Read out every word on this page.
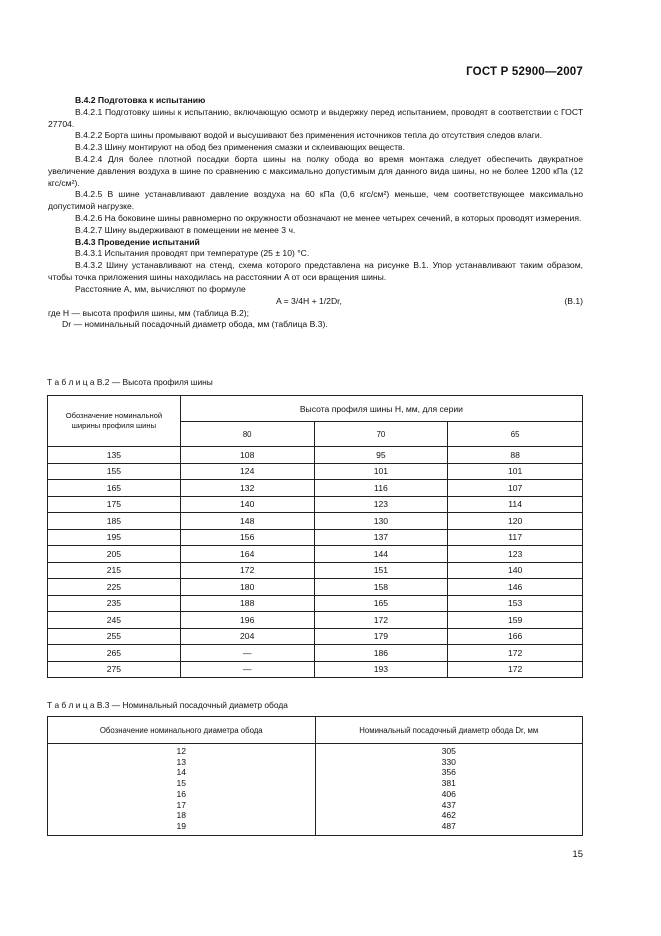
ГОСТ Р 52900—2007

В.4.2 Подготовка к испытанию

В.4.2.1 Подготовку шины к испытанию, включающую осмотр и выдержку перед испытанием, проводят в соответствии с ГОСТ 27704.

В.4.2.2 Борта шины промывают водой и высушивают без применения источников тепла до отсутствия следов влаги.

В.4.2.3 Шину монтируют на обод без применения смазки и склеивающих веществ.

В.4.2.4 Для более плотной посадки борта шины на полку обода во время монтажа следует обеспечить двукратное увеличение давления воздуха в шине по сравнению с максимально допустимым для данного вида шины, но не более 1200 кПа (12 кгс/см²).

В.4.2.5 В шине устанавливают давление воздуха на 60 кПа (0,6 кгс/см²) меньше, чем соответствующее максимально допустимой нагрузке.

В.4.2.6 На боковине шины равномерно по окружности обозначают не менее четырех сечений, в которых проводят измерения.

В.4.2.7 Шину выдерживают в помещении не менее 3 ч.

В.4.3 Проведение испытаний

В.4.3.1 Испытания проводят при температуре (25 ± 10) °С.

В.4.3.2 Шину устанавливают на стенд, схема которого представлена на рисунке В.1. Упор устанавливают таким образом, чтобы точка приложения шины находилась на расстоянии A от оси вращения шины.

Расстояние A, мм, вычисляют по формуле

A = 3/4H + 1/2Dr,	(В.1)

где H — высота профиля шины, мм (таблица В.2);

Dr — номинальный посадочный диаметр обода, мм (таблица В.3).

Т а б л и ц а В.2 — Высота профиля шины
Обозначение номинальной ширины профиля шины	Высота профиля шины H, мм, для серии		
	80	70	65
135	108	95	88
155	124	101	101
165	132	116	107
175	140	123	114
185	148	130	120
195	156	137	117
205	164	144	123
215	172	151	140
225	180	158	146
235	188	165	153
245	196	172	159
255	204	179	166
265	—	186	172
275	—	193	172
Т а б л и ц а В.3 — Номинальный посадочный диаметр обода
Обозначение номинального диаметра обода	Номинальный посадочный диаметр обода Dr, мм
12	305
13	330
14	356
15	381
16	406
17	437
18	462
19	487
15
